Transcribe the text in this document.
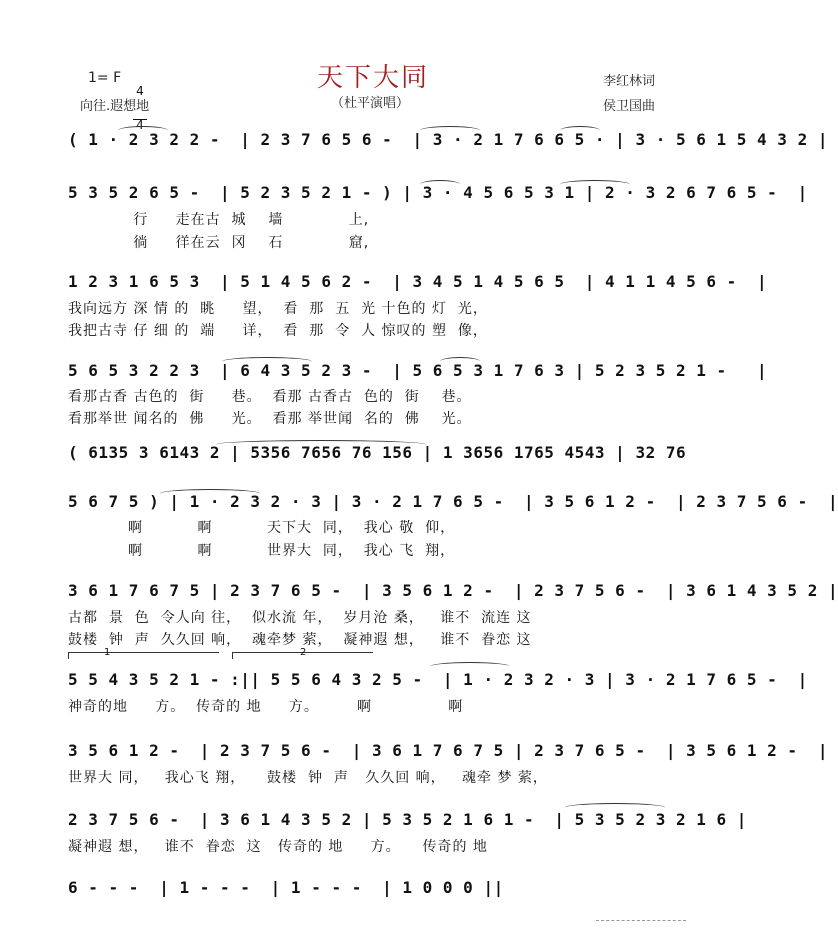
天下大同
（杜平演唱）
1= F

4

4

向往.遐想地
李红林词
侯卫国曲
( 1 · 2 3 2 2 -  | 2 3 7 6 5 6 -  | 3 · 2 1 7 6 6 5 · | 3 · 5 6 1 5 4 3 2 |
5 3 5 2 6 5 -  | 5 2 3 5 2 1 - ) | 3 · 4 5 6 5 3 1 | 2 · 3 2 6 7 6 5 -  |
行     走在古  城    墙            上,
徜     徉在云  冈    石            窟,
1 2 3 1 6 5 3  | 5 1 4 5 6 2 -  | 3 4 5 1 4 5 6 5  | 4 1 1 4 5 6 -  |
我向远方 深 情 的  眺     望，  看  那  五  光 十色的 灯  光，
我把古寺 仔 细 的  端     详，  看  那  令  人 惊叹的 塑  像，
5 6 5 3 2 2 3  | 6 4 3 5 2 3 -  | 5 6 5 3 1 7 6 3 | 5 2 3 5 2 1 -   |
看那古香 古色的  街     巷。  看那 古香古  色的  街    巷。
看那举世 闻名的  佛     光。  看那 举世闻  名的  佛    光。
( 6135 3 6143 2 | 5356 7656 76 156 | 1 3656 1765 4543 | 32 76
5 6 7 5 ) | 1 · 2 3 2 · 3 | 3 · 2 1 7 6 5 -  | 3 5 6 1 2 -  | 2 3 7 5 6 -  |
啊          啊          天下大  同，  我心 敬  仰，
啊          啊          世界大  同，  我心 飞  翔，
3 6 1 7 6 7 5 | 2 3 7 6 5 -  | 3 5 6 1 2 -  | 2 3 7 5 6 -  | 3 6 1 4 3 5 2 |
古都  景  色  令人向 往，  似水流 年，  岁月沧 桑，   谁不  流连 这
鼓楼  钟  声  久久回 响，  魂牵梦 萦，  凝神遐 想，   谁不  眷恋 这
1	2
5 5 4 3 5 2 1 - :|| 5 5 6 4 3 2 5 -  | 1 · 2 3 2 · 3 | 3 · 2 1 7 6 5 -  |
神奇的地     方。  传奇的 地     方。       啊              啊
3 5 6 1 2 -  | 2 3 7 5 6 -  | 3 6 1 7 6 7 5 | 2 3 7 6 5 -  | 3 5 6 1 2 -  |
世界大 同，   我心飞 翔，    鼓楼  钟  声   久久回 响，   魂牵 梦 萦，
2 3 7 5 6 -  | 3 6 1 4 3 5 2 | 5 3 5 2 1 6 1 -  | 5 3 5 2 3 2 1 6 |
凝神遐 想，   谁不  眷恋  这   传奇的 地     方。    传奇的 地
6 - - -  | 1 - - -  | 1 - - -  | 1 0 0 0 ||
